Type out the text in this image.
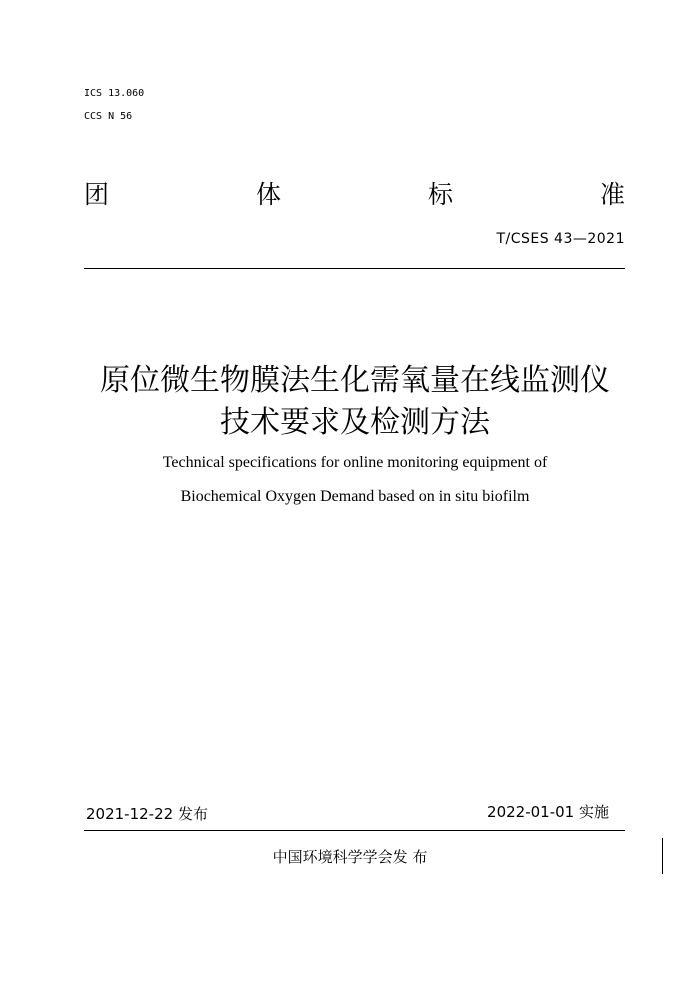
ICS 13.060
CCS N 56
团	体	标	准
T/CSES 43—2021
原位微生物膜法生化需氧量在线监测仪
技术要求及检测方法
Technical specifications for online monitoring equipment of
Biochemical Oxygen Demand based on in situ biofilm
2021-12-22 发布	2022-01-01 实施
中国环境科学学会发 布
